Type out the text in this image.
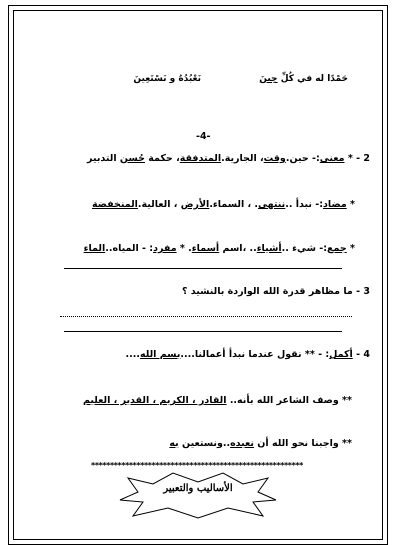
حَمْدًا له في كُلِّ حِينَ  نَعْبُدُهُ و نَسْتَعِينَ
-4-
2 - * معنى:- حين.وقت، الجارية.المتدفقة، حكمة حُسن التدبير
* مضاد:- نبدأ ..ننتهي. ، السماء.الأرض ، العالية.المنخفضة
* جمع:- شيء ..أشياء.. ،اسم أسماء. * مفرد: - المياه..الماء
3 - ما مظاهر قدرة الله الواردة بالنشيد ؟
4 - أكمل: - ** نقول عندما نبدأ أعمالنا....بسم الله....
** وصف الشاعر الله بأنه.. القادر ، الكريم ، القدير ، العليم
** واجبنا نحو الله أن نعبده..ونستعين به
********************************************************
الأساليب والتعبير
